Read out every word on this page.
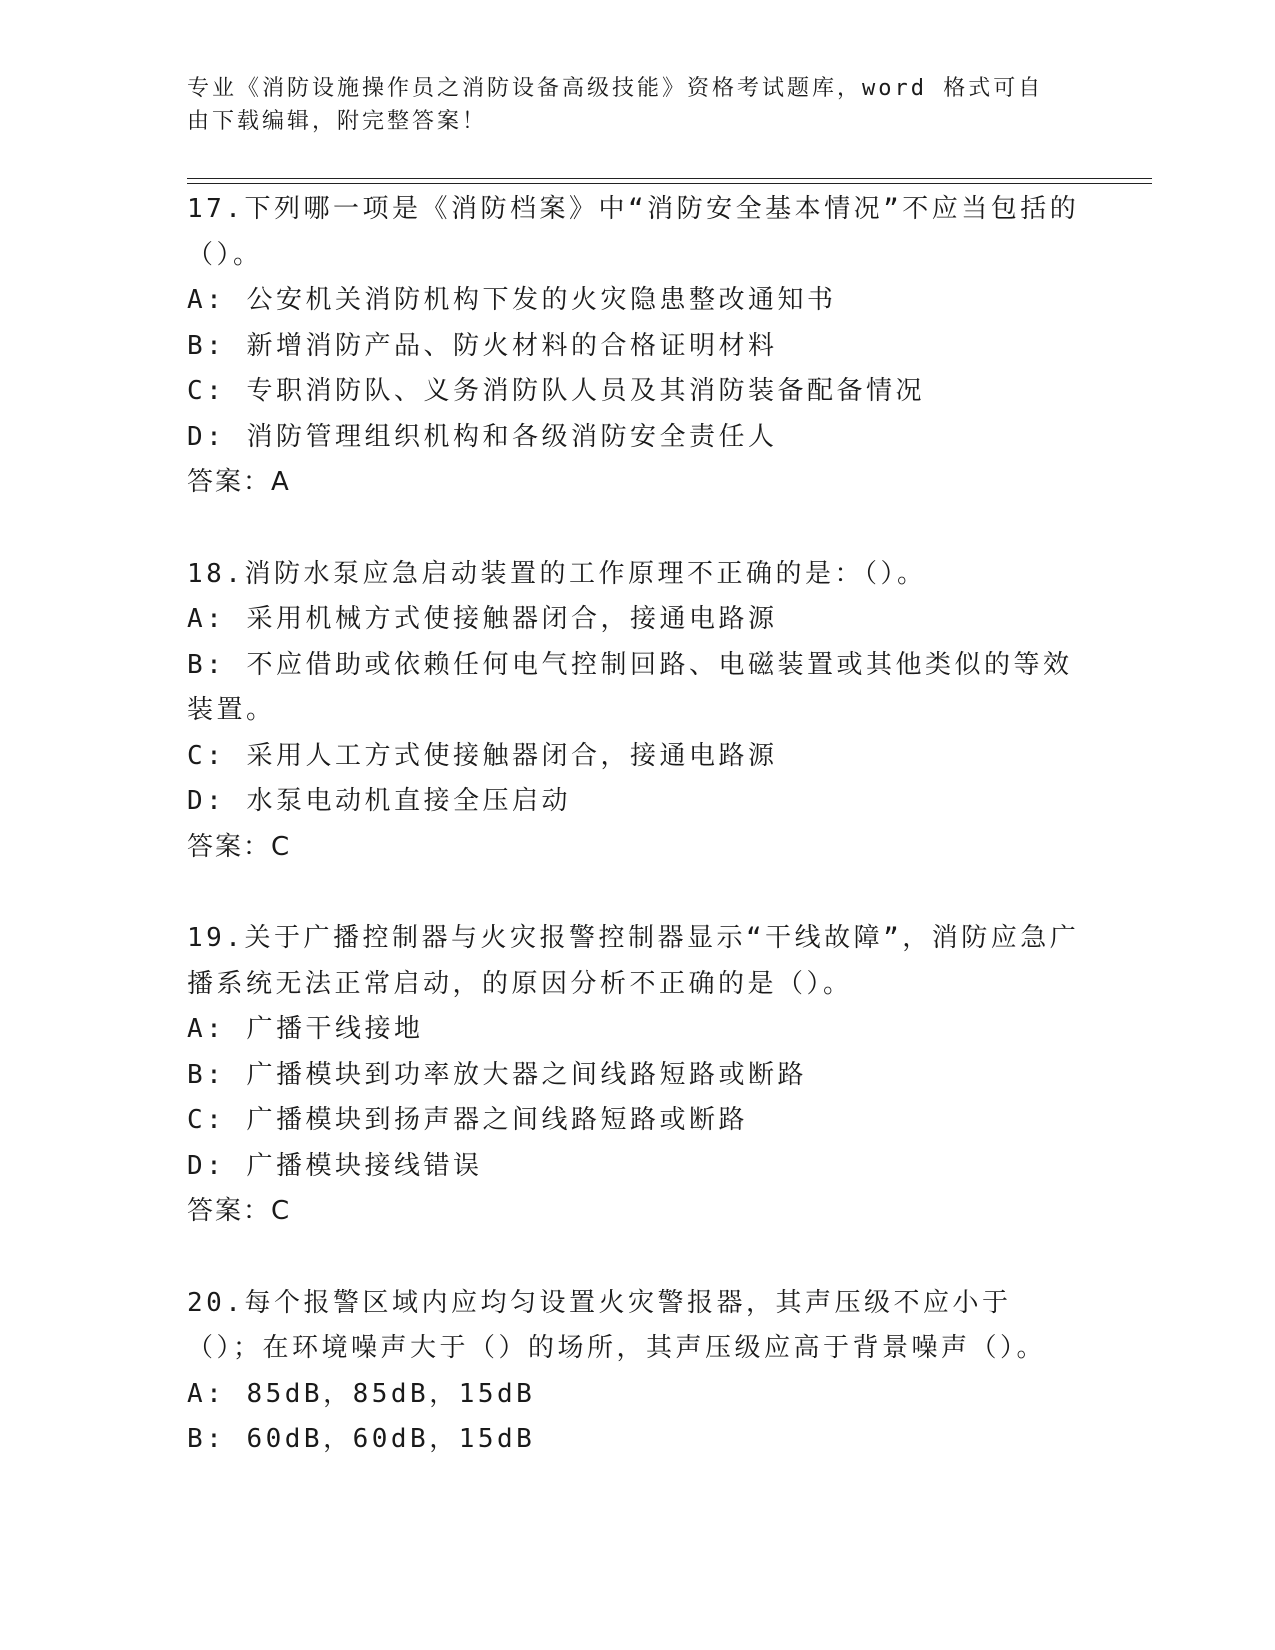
专业《消防设施操作员之消防设备高级技能》资格考试题库，word 格式可自由下载编辑，附完整答案！

17.下列哪一项是《消防档案》中“消防安全基本情况”不应当包括的（）。

A: 公安机关消防机构下发的火灾隐患整改通知书

B: 新增消防产品、防火材料的合格证明材料

C: 专职消防队、义务消防队人员及其消防装备配备情况

D: 消防管理组织机构和各级消防安全责任人

答案：A

18.消防水泵应急启动装置的工作原理不正确的是：（）。

A: 采用机械方式使接触器闭合，接通电路源

B: 不应借助或依赖任何电气控制回路、电磁装置或其他类似的等效装置。

C: 采用人工方式使接触器闭合，接通电路源

D: 水泵电动机直接全压启动

答案：C

19.关于广播控制器与火灾报警控制器显示“干线故障”，消防应急广播系统无法正常启动，的原因分析不正确的是（）。

A: 广播干线接地

B: 广播模块到功率放大器之间线路短路或断路

C: 广播模块到扬声器之间线路短路或断路

D: 广播模块接线错误

答案：C

20.每个报警区域内应均匀设置火灾警报器，其声压级不应小于（）；在环境噪声大于（）的场所，其声压级应高于背景噪声（）。

A: 85dB，85dB，15dB

B: 60dB，60dB，15dB
